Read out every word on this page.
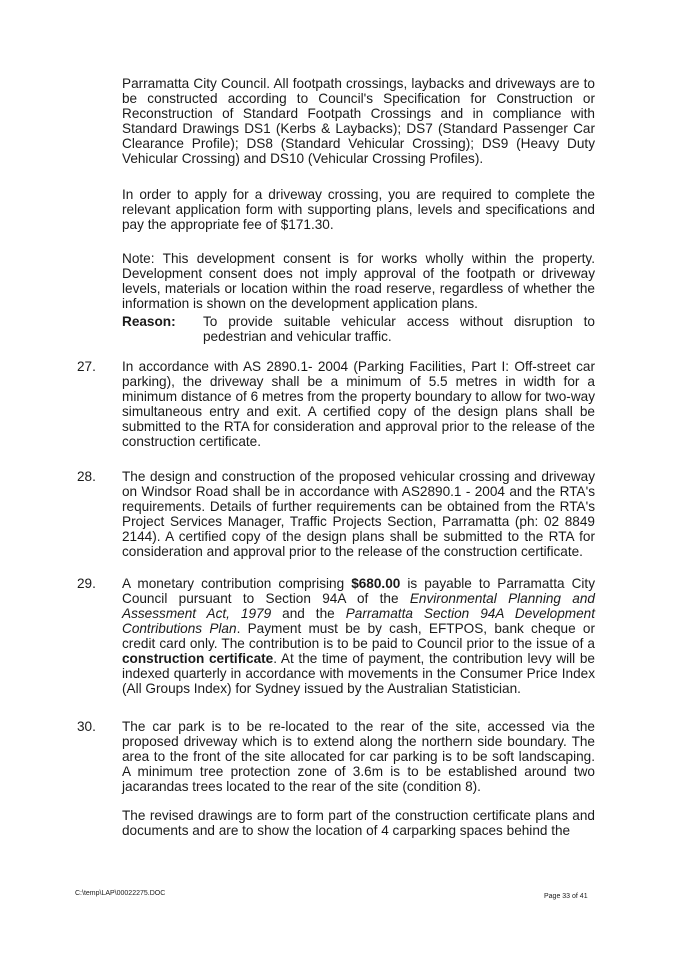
Parramatta City Council. All footpath crossings, laybacks and driveways are to be constructed according to Council's Specification for Construction or Reconstruction of Standard Footpath Crossings and in compliance with Standard Drawings DS1 (Kerbs & Laybacks); DS7 (Standard Passenger Car Clearance Profile); DS8 (Standard Vehicular Crossing); DS9 (Heavy Duty Vehicular Crossing) and DS10 (Vehicular Crossing Profiles).
In order to apply for a driveway crossing, you are required to complete the relevant application form with supporting plans, levels and specifications and pay the appropriate fee of $171.30.
Note: This development consent is for works wholly within the property. Development consent does not imply approval of the footpath or driveway levels, materials or location within the road reserve, regardless of whether the information is shown on the development application plans.
Reason: To provide suitable vehicular access without disruption to pedestrian and vehicular traffic.
27. In accordance with AS 2890.1- 2004 (Parking Facilities, Part I: Off-street car parking), the driveway shall be a minimum of 5.5 metres in width for a minimum distance of 6 metres from the property boundary to allow for two-way simultaneous entry and exit. A certified copy of the design plans shall be submitted to the RTA for consideration and approval prior to the release of the construction certificate.
28. The design and construction of the proposed vehicular crossing and driveway on Windsor Road shall be in accordance with AS2890.1 - 2004 and the RTA's requirements. Details of further requirements can be obtained from the RTA's Project Services Manager, Traffic Projects Section, Parramatta (ph: 02 8849 2144). A certified copy of the design plans shall be submitted to the RTA for consideration and approval prior to the release of the construction certificate.
29. A monetary contribution comprising $680.00 is payable to Parramatta City Council pursuant to Section 94A of the Environmental Planning and Assessment Act, 1979 and the Parramatta Section 94A Development Contributions Plan. Payment must be by cash, EFTPOS, bank cheque or credit card only. The contribution is to be paid to Council prior to the issue of a construction certificate. At the time of payment, the contribution levy will be indexed quarterly in accordance with movements in the Consumer Price Index (All Groups Index) for Sydney issued by the Australian Statistician.
30. The car park is to be re-located to the rear of the site, accessed via the proposed driveway which is to extend along the northern side boundary. The area to the front of the site allocated for car parking is to be soft landscaping. A minimum tree protection zone of 3.6m is to be established around two jacarandas trees located to the rear of the site (condition 8).
The revised drawings are to form part of the construction certificate plans and documents and are to show the location of 4 carparking spaces behind the
C:\temp\LAP\00022275.DOC	Page 33 of 41
